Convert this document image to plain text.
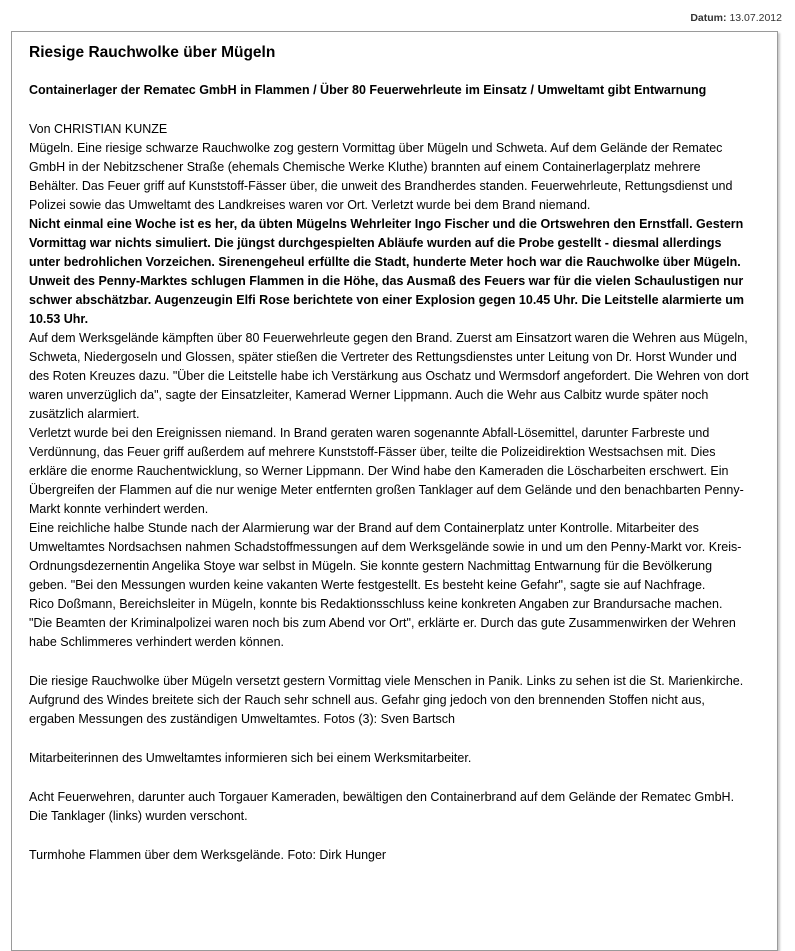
Datum: 13.07.2012
Riesige Rauchwolke über Mügeln
Containerlager der Rematec GmbH in Flammen / Über 80 Feuerwehrleute im Einsatz / Umweltamt gibt Entwarnung

Von CHRISTIAN KUNZE

Mügeln. Eine riesige schwarze Rauchwolke zog gestern Vormittag über Mügeln und Schweta. Auf dem Gelände der Rematec GmbH in der Nebitzschener Straße (ehemals Chemische Werke Kluthe) brannten auf einem Containerlagerplatz mehrere Behälter. Das Feuer griff auf Kunststoff-Fässer über, die unweit des Brandherdes standen. Feuerwehrleute, Rettungsdienst und Polizei sowie das Umweltamt des Landkreises waren vor Ort. Verletzt wurde bei dem Brand niemand.

Nicht einmal eine Woche ist es her, da übten Mügelns Wehrleiter Ingo Fischer und die Ortswehren den Ernstfall. Gestern Vormittag war nichts simuliert. Die jüngst durchgespielten Abläufe wurden auf die Probe gestellt - diesmal allerdings unter bedrohlichen Vorzeichen. Sirenengeheul erfüllte die Stadt, hunderte Meter hoch war die Rauchwolke über Mügeln. Unweit des Penny-Marktes schlugen Flammen in die Höhe, das Ausmaß des Feuers war für die vielen Schaulustigen nur schwer abschätzbar. Augenzeugin Elfi Rose berichtete von einer Explosion gegen 10.45 Uhr. Die Leitstelle alarmierte um 10.53 Uhr.

Auf dem Werksgelände kämpften über 80 Feuerwehrleute gegen den Brand. Zuerst am Einsatzort waren die Wehren aus Mügeln, Schweta, Niedergoseln und Glossen, später stießen die Vertreter des Rettungsdienstes unter Leitung von Dr. Horst Wunder und des Roten Kreuzes dazu. "Über die Leitstelle habe ich Verstärkung aus Oschatz und Wermsdorf angefordert. Die Wehren von dort waren unverzüglich da", sagte der Einsatzleiter, Kamerad Werner Lippmann. Auch die Wehr aus Calbitz wurde später noch zusätzlich alarmiert.

Verletzt wurde bei den Ereignissen niemand. In Brand geraten waren sogenannte Abfall-Lösemittel, darunter Farbreste und Verdünnung, das Feuer griff außerdem auf mehrere Kunststoff-Fässer über, teilte die Polizeidirektion Westsachsen mit. Dies erkläre die enorme Rauchentwicklung, so Werner Lippmann. Der Wind habe den Kameraden die Löscharbeiten erschwert. Ein Übergreifen der Flammen auf die nur wenige Meter entfernten großen Tanklager auf dem Gelände und den benachbarten Penny-Markt konnte verhindert werden.

Eine reichliche halbe Stunde nach der Alarmierung war der Brand auf dem Containerplatz unter Kontrolle. Mitarbeiter des Umweltamtes Nordsachsen nahmen Schadstoffmessungen auf dem Werksgelände sowie in und um den Penny-Markt vor. Kreis-Ordnungsdezernentin Angelika Stoye war selbst in Mügeln. Sie konnte gestern Nachmittag Entwarnung für die Bevölkerung geben. "Bei den Messungen wurden keine vakanten Werte festgestellt. Es besteht keine Gefahr", sagte sie auf Nachfrage.

Rico Doßmann, Bereichsleiter in Mügeln, konnte bis Redaktionsschluss keine konkreten Angaben zur Brandursache machen. "Die Beamten der Kriminalpolizei waren noch bis zum Abend vor Ort", erklärte er. Durch das gute Zusammenwirken der Wehren habe Schlimmeres verhindert werden können.

Die riesige Rauchwolke über Mügeln versetzt gestern Vormittag viele Menschen in Panik. Links zu sehen ist die St. Marienkirche. Aufgrund des Windes breitete sich der Rauch sehr schnell aus. Gefahr ging jedoch von den brennenden Stoffen nicht aus, ergaben Messungen des zuständigen Umweltamtes. Fotos (3): Sven Bartsch

Mitarbeiterinnen des Umweltamtes informieren sich bei einem Werksmitarbeiter.

Acht Feuerwehren, darunter auch Torgauer Kameraden, bewältigen den Containerbrand auf dem Gelände der Rematec GmbH. Die Tanklager (links) wurden verschont.

Turmhohe Flammen über dem Werksgelände. Foto: Dirk Hunger
